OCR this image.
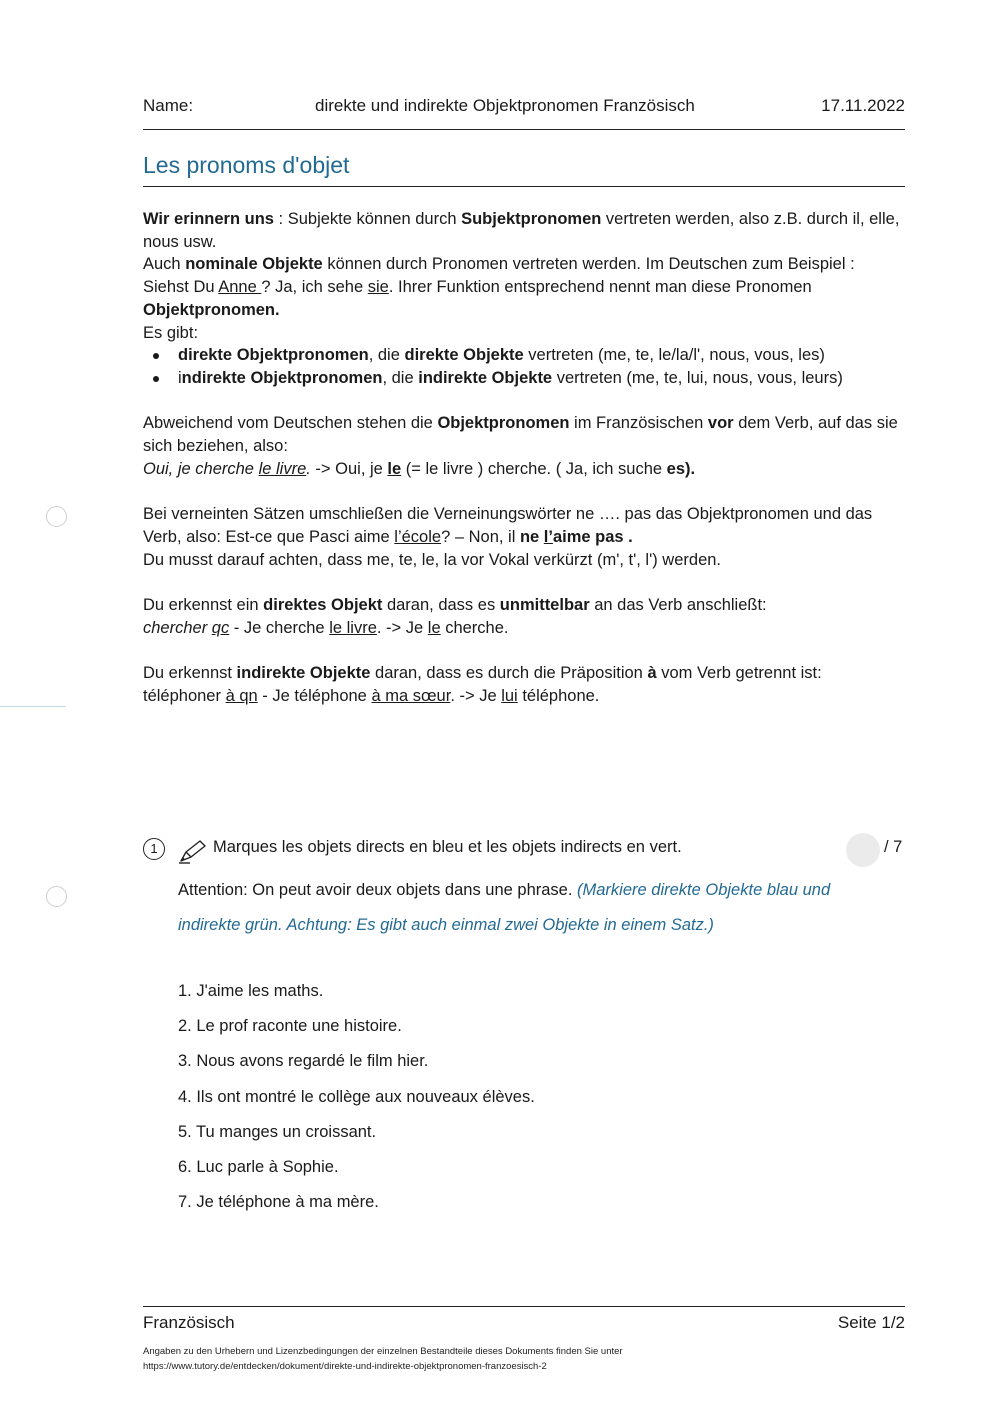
Name:	direkte und indirekte Objektpronomen Französisch	17.11.2022
Les pronoms d'objet

Wir erinnern uns : Subjekte können durch Subjektpronomen vertreten werden, also z.B. durch il, elle, nous usw.

Auch nominale Objekte können durch Pronomen vertreten werden. Im Deutschen zum Beispiel : Siehst Du Anne ? Ja, ich sehe sie. Ihrer Funktion entsprechend nennt man diese Pronomen Objektpronomen.

Es gibt:

direkte Objektpronomen, die direkte Objekte vertreten (me, te, le/la/l', nous, vous, les)
indirekte Objektpronomen, die indirekte Objekte vertreten (me, te, lui, nous, vous, leurs)

Abweichend vom Deutschen stehen die Objektpronomen im Französischen vor dem Verb, auf das sie sich beziehen, also:

Oui, je cherche le livre. -> Oui, je le (= le livre ) cherche. ( Ja, ich suche es).

Bei verneinten Sätzen umschließen die Verneinungswörter ne …. pas das Objektpronomen und das Verb, also: Est-ce que Pasci aime l’école? – Non, il ne l’aime pas .

Du musst darauf achten, dass me, te, le, la vor Vokal verkürzt (m', t', l') werden.

Du erkennst ein direktes Objekt daran, dass es unmittelbar an das Verb anschließt:

chercher qc - Je cherche le livre. -> Je le cherche.

Du erkennst indirekte Objekte daran, dass es durch die Präposition à vom Verb getrennt ist:

téléphoner à qn - Je téléphone à ma sœur. -> Je lui téléphone.

1	Marques les objets directs en bleu et les objets indirects en vert.	/ 7
Attention: On peut avoir deux objets dans une phrase. (Markiere direkte Objekte blau und indirekte grün. Achtung: Es gibt auch einmal zwei Objekte in einem Satz.)
1. J'aime les maths.
2. Le prof raconte une histoire.
3. Nous avons regardé le film hier.
4. Ils ont montré le collège aux nouveaux élèves.
5. Tu manges un croissant.
6. Luc parle à Sophie.
7. Je téléphone à ma mère.
Französisch	Seite 1/2
Angaben zu den Urhebern und Lizenzbedingungen der einzelnen Bestandteile dieses Dokuments finden Sie unter
https://www.tutory.de/entdecken/dokument/direkte-und-indirekte-objektpronomen-franzoesisch-2
